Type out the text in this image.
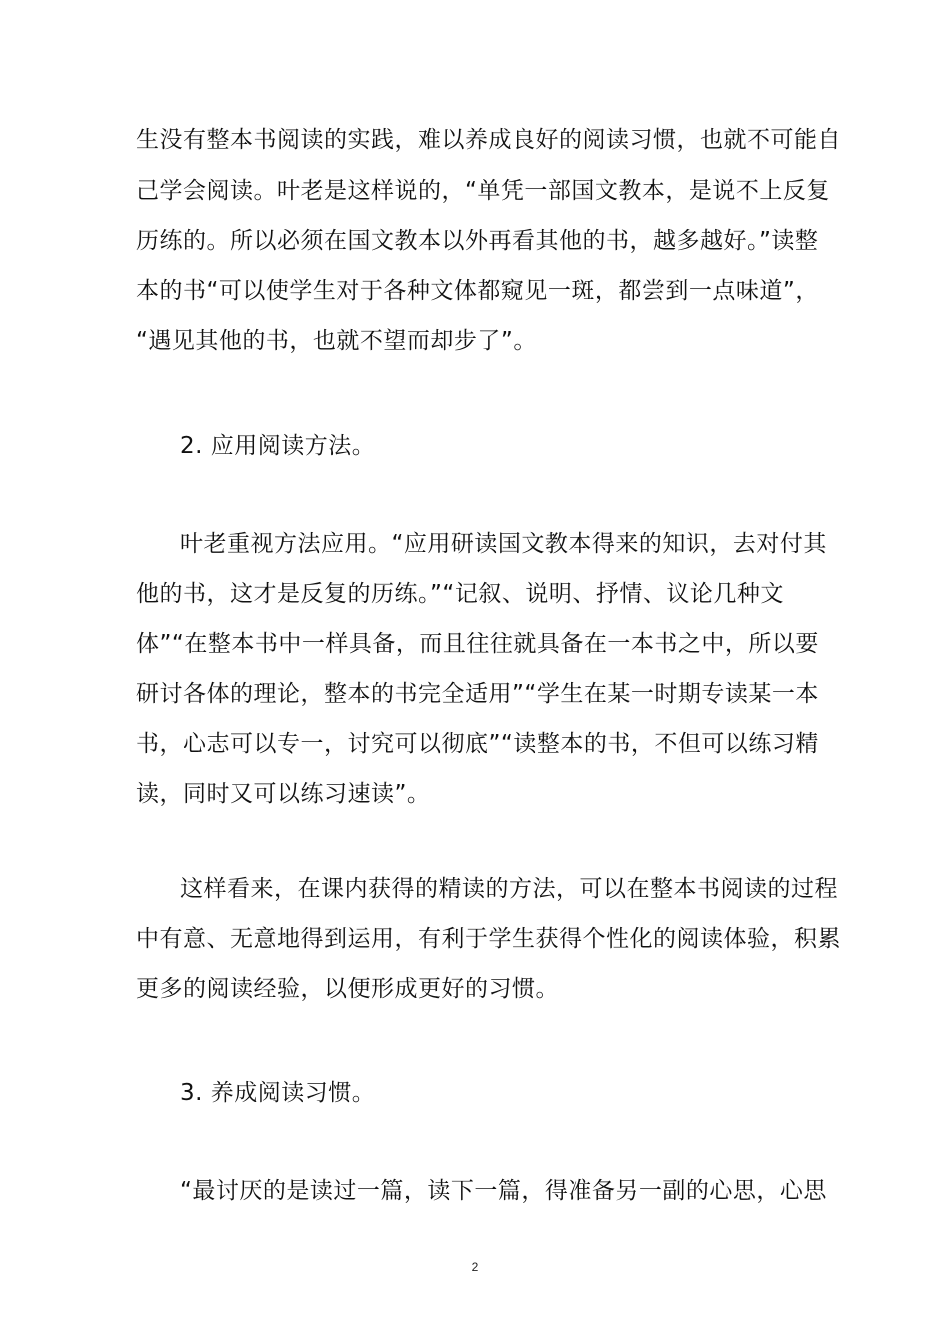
生没有整本书阅读的实践，难以养成良好的阅读习惯，也就不可能自
己学会阅读。叶老是这样说的，“单凭一部国文教本，是说不上反复
历练的。所以必须在国文教本以外再看其他的书，越多越好。”读整
本的书“可以使学生对于各种文体都窥见一斑，都尝到一点味道”，
“遇见其他的书，也就不望而却步了”。
2. 应用阅读方法。
叶老重视方法应用。“应用研读国文教本得来的知识，去对付其
他的书，这才是反复的历练。”“记叙、说明、抒情、议论几种文
体”“在整本书中一样具备，而且往往就具备在一本书之中，所以要
研讨各体的理论，整本的书完全适用”“学生在某一时期专读某一本
书，心志可以专一，讨究可以彻底”“读整本的书，不但可以练习精
读，同时又可以练习速读”。
这样看来，在课内获得的精读的方法，可以在整本书阅读的过程
中有意、无意地得到运用，有利于学生获得个性化的阅读体验，积累
更多的阅读经验，以便形成更好的习惯。
3. 养成阅读习惯。
“最讨厌的是读过一篇，读下一篇，得准备另一副的心思，心思
2
